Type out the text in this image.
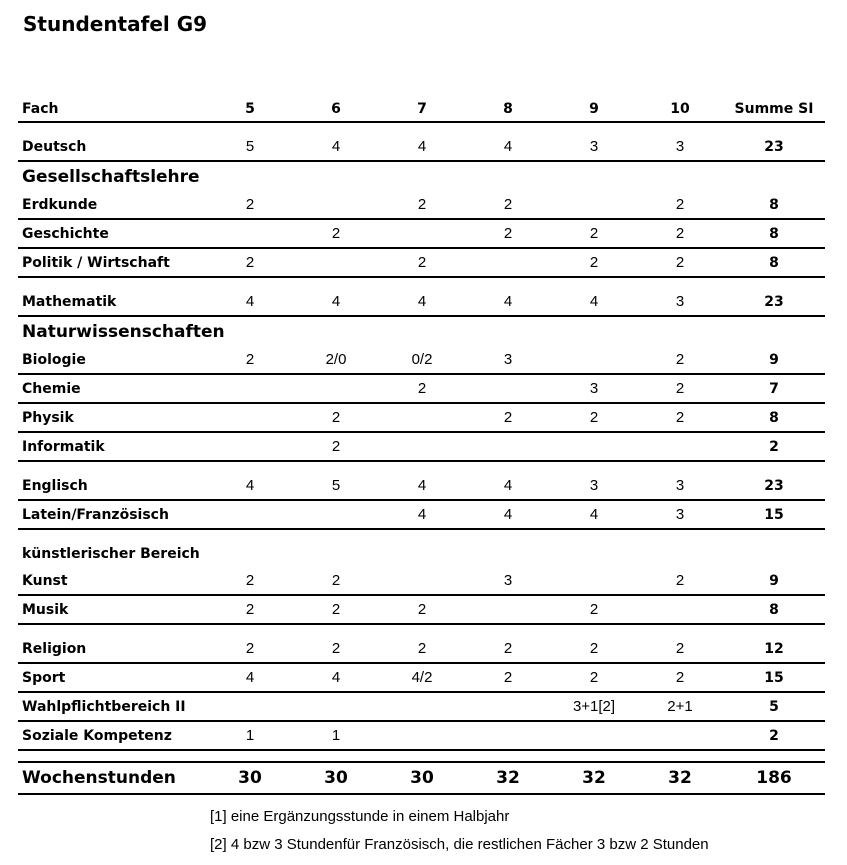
Stundentafel G9
Fach	5	6	7	8	9	10	Summe SI

Deutsch	5	4	4	4	3	3	23
Gesellschaftslehre							
Erdkunde	2		2	2		2	8
Geschichte		2		2	2	2	8
Politik / Wirtschaft	2		2		2	2	8

Mathematik	4	4	4	4	4	3	23
Naturwissenschaften							
Biologie	2	2/0	0/2	3		2	9
Chemie			2		3	2	7
Physik		2		2	2	2	8
Informatik		2					2

Englisch	4	5	4	4	3	3	23
Latein/Französisch			4	4	4	3	15

künstlerischer Bereich							
Kunst	2	2		3		2	9
Musik	2	2	2		2		8

Religion	2	2	2	2	2	2	12
Sport	4	4	4/2	2	2	2	15
Wahlpflichtbereich II					3+1[2]	2+1	5
Soziale Kompetenz	1	1					2

Wochenstunden	30	30	30	32	32	32	186
[1] eine Ergänzungsstunde in einem Halbjahr
[2] 4 bzw 3 Stundenfür Französisch, die restlichen Fächer 3 bzw 2 Stunden
